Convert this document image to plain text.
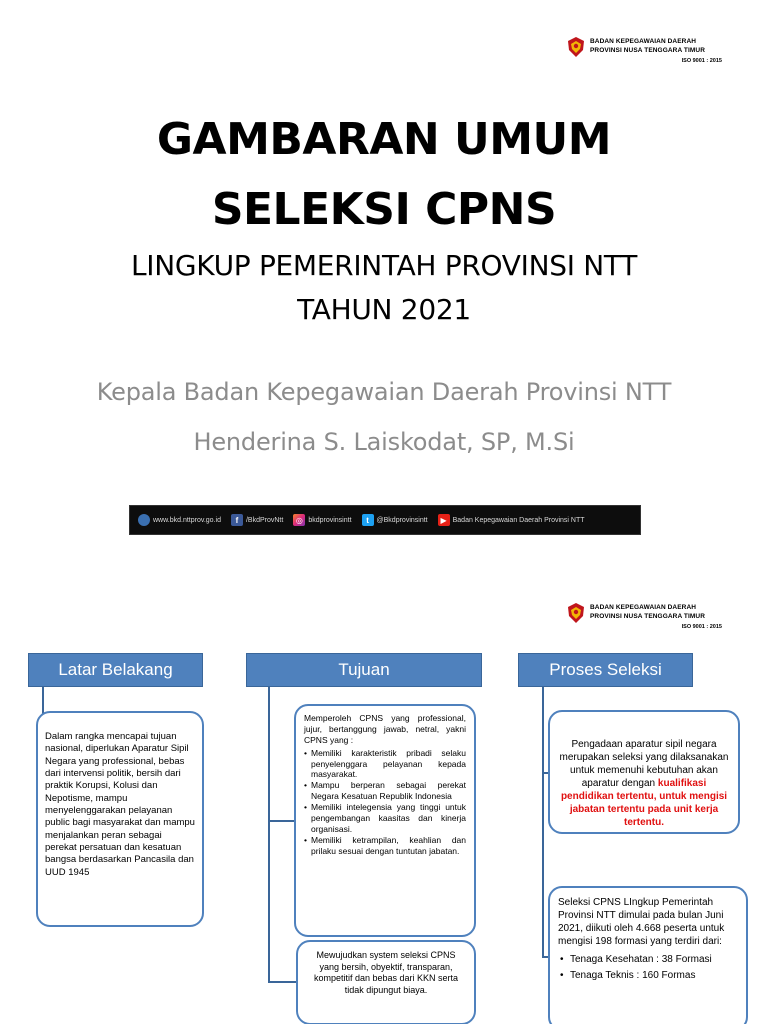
BADAN KEPEGAWAIAN DAERAH
PROVINSI NUSA TENGGARA TIMUR
ISO 9001 : 2015
GAMBARAN UMUM
SELEKSI CPNS
LINGKUP PEMERINTAH PROVINSI NTT
TAHUN 2021
Kepala Badan Kepegawaian Daerah Provinsi NTT
Henderina S. Laiskodat, SP, M.Si
www.bkd.nttprov.go.id	f	/BkdProvNtt	◎ bkdprovinsintt	t	@Bkdprovinsintt	▶ Badan Kepegawaian Daerah Provinsi NTT
BADAN KEPEGAWAIAN DAERAH
PROVINSI NUSA TENGGARA TIMUR
ISO 9001 : 2015
Latar Belakang	Tujuan	Proses Seleksi

Dalam rangka mencapai tujuan nasional, diperlukan Aparatur Sipil Negara yang professional, bebas dari intervensi politik, bersih dari praktik Korupsi, Kolusi dan Nepotisme, mampu menyelenggarakan pelayanan public bagi masyarakat dan mampu menjalankan peran sebagai perekat persatuan dan kesatuan bangsa berdasarkan Pancasila dan UUD 1945

Memperoleh CPNS yang professional, jujur, bertanggung jawab, netral, yakni CPNS yang :

• Memiliki karakteristik pribadi selaku penyelenggara pelayanan kepada masyarakat.
• Mampu berperan sebagai perekat Negara Kesatuan Republik Indonesia
• Memiliki intelegensia yang tinggi untuk pengembangan kaasitas dan kinerja organisasi.
• Memiliki ketrampilan, keahlian dan prilaku sesuai dengan tuntutan jabatan.

Mewujudkan system seleksi CPNS yang bersih, obyektif, transparan, kompetitif dan bebas dari KKN serta tidak dipungut biaya.

Pengadaan aparatur sipil negara merupakan seleksi yang dilaksanakan untuk memenuhi kebutuhan akan aparatur dengan kualifikasi pendidikan tertentu, untuk mengisi jabatan tertentu pada unit kerja tertentu.

Seleksi CPNS LIngkup Pemerintah Provinsi NTT dimulai pada bulan Juni 2021, diikuti oleh 4.668 peserta untuk mengisi 198 formasi yang terdiri dari:

• Tenaga Kesehatan : 38 Formasi
• Tenaga Teknis : 160 Formas
